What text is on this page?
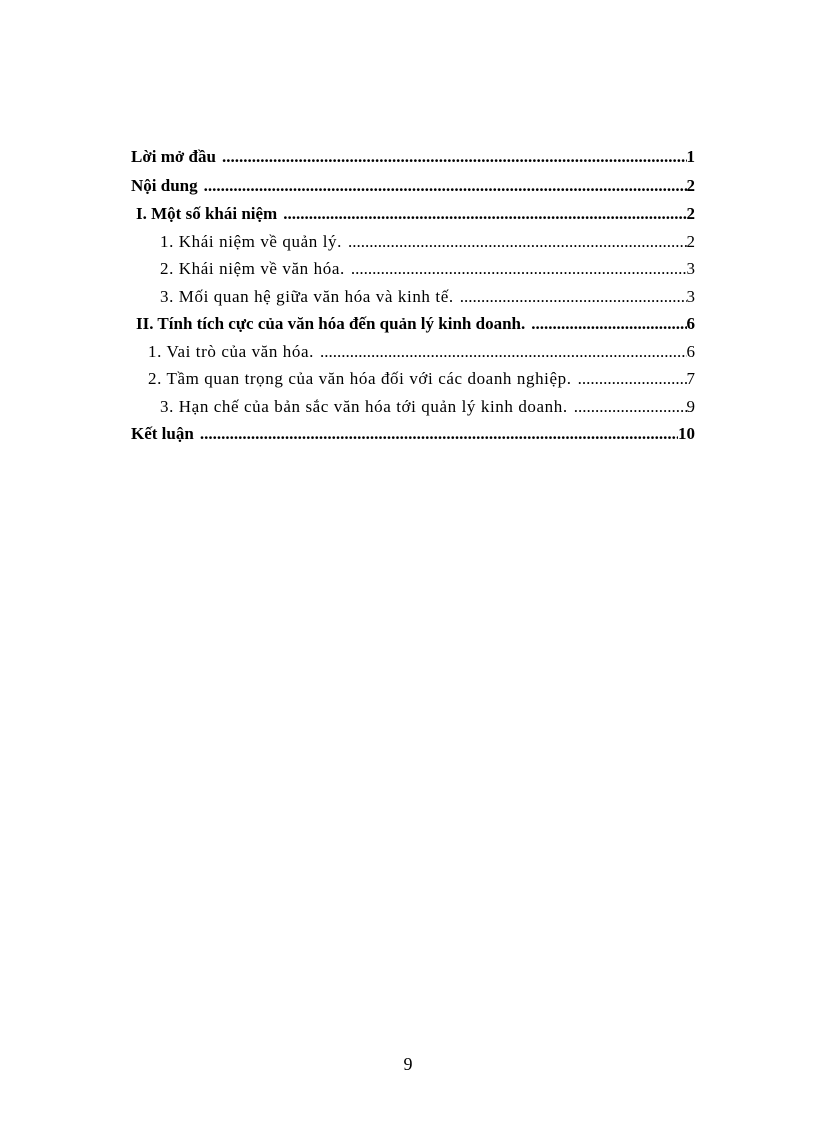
Lời mở đầu .....	1
Nội dung .....	2
I. Một số khái niệm .....	2
1. Khái niệm về quản lý. .....	2
2. Khái niệm về văn hóa. .....	3
3. Mối quan hệ giữa văn hóa và kinh tế. .....	3
II. Tính tích cực của văn hóa đến quản lý kinh doanh. .....	6
1. Vai trò của văn hóa. .....	6
2. Tầm quan trọng của văn hóa đối với các doanh nghiệp. .....	7
3. Hạn chế của bản sắc văn hóa tới quản lý kinh doanh. .....	9
Kết luận .....	10
9
